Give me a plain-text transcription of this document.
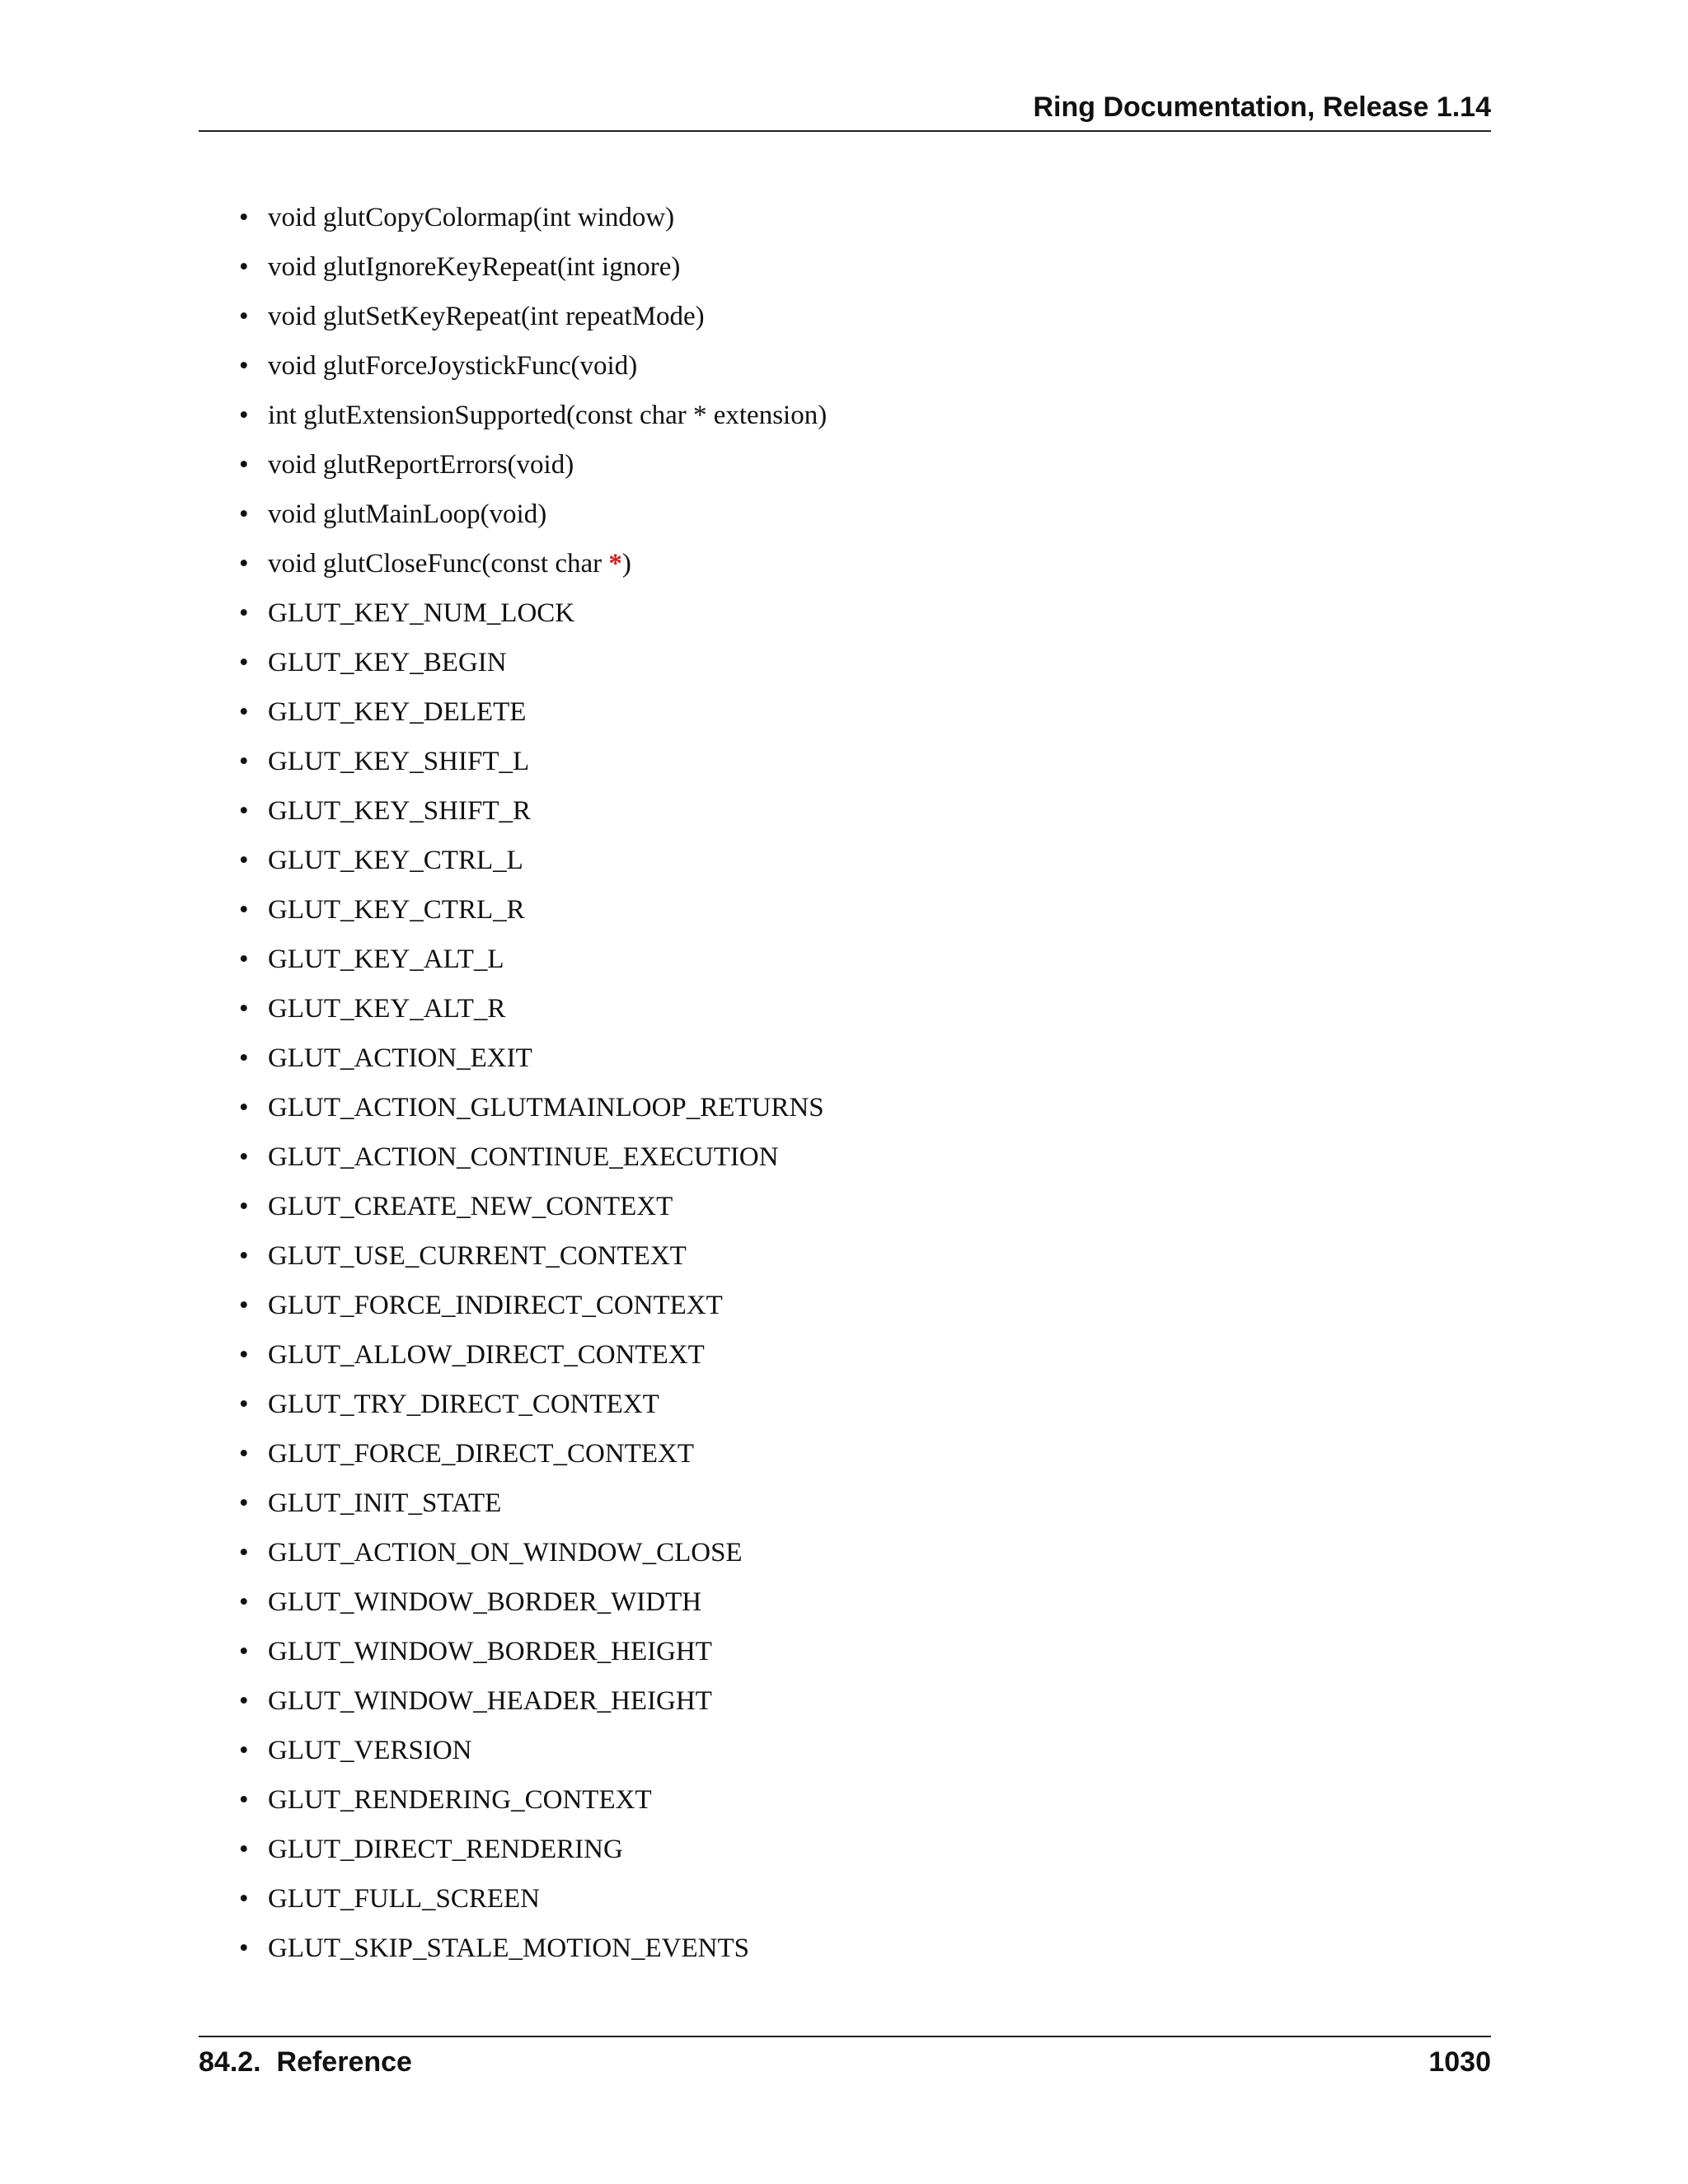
Ring Documentation, Release 1.14
• void glutCopyColormap(int window)
• void glutIgnoreKeyRepeat(int ignore)
• void glutSetKeyRepeat(int repeatMode)
• void glutForceJoystickFunc(void)
• int glutExtensionSupported(const char * extension)
• void glutReportErrors(void)
• void glutMainLoop(void)
• void glutCloseFunc(const char *)
• GLUT_KEY_NUM_LOCK
• GLUT_KEY_BEGIN
• GLUT_KEY_DELETE
• GLUT_KEY_SHIFT_L
• GLUT_KEY_SHIFT_R
• GLUT_KEY_CTRL_L
• GLUT_KEY_CTRL_R
• GLUT_KEY_ALT_L
• GLUT_KEY_ALT_R
• GLUT_ACTION_EXIT
• GLUT_ACTION_GLUTMAINLOOP_RETURNS
• GLUT_ACTION_CONTINUE_EXECUTION
• GLUT_CREATE_NEW_CONTEXT
• GLUT_USE_CURRENT_CONTEXT
• GLUT_FORCE_INDIRECT_CONTEXT
• GLUT_ALLOW_DIRECT_CONTEXT
• GLUT_TRY_DIRECT_CONTEXT
• GLUT_FORCE_DIRECT_CONTEXT
• GLUT_INIT_STATE
• GLUT_ACTION_ON_WINDOW_CLOSE
• GLUT_WINDOW_BORDER_WIDTH
• GLUT_WINDOW_BORDER_HEIGHT
• GLUT_WINDOW_HEADER_HEIGHT
• GLUT_VERSION
• GLUT_RENDERING_CONTEXT
• GLUT_DIRECT_RENDERING
• GLUT_FULL_SCREEN
• GLUT_SKIP_STALE_MOTION_EVENTS
84.2.  Reference	1030
